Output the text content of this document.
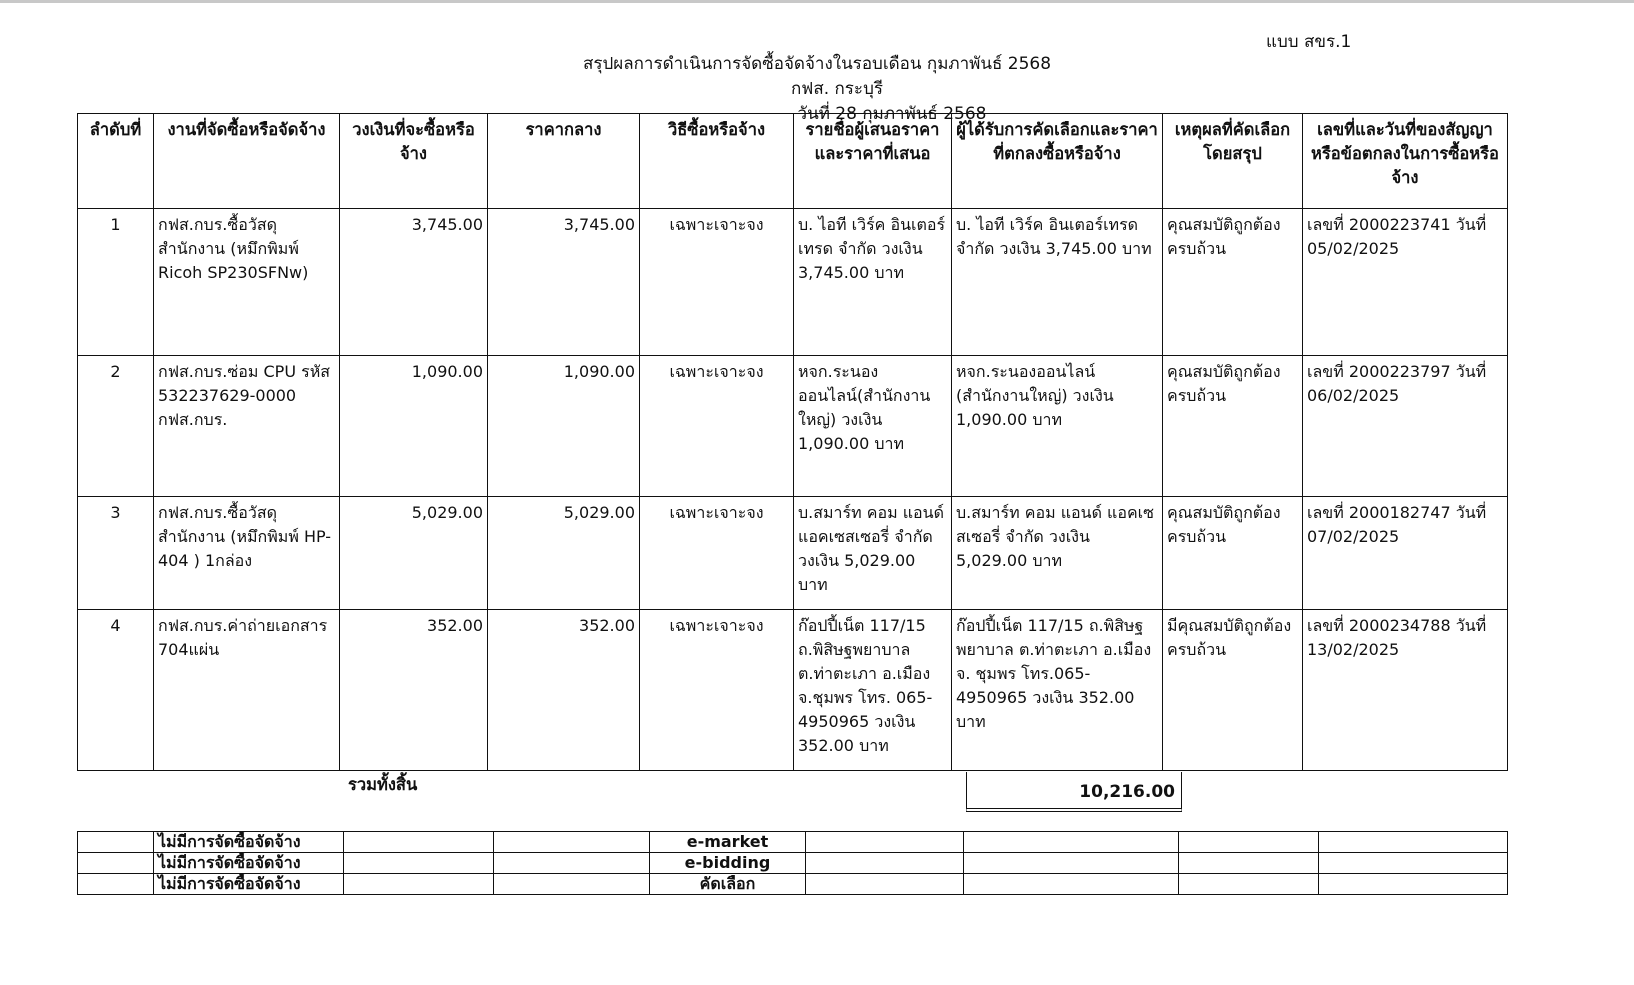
แบบ สขร.1
สรุปผลการดำเนินการจัดซื้อจัดจ้างในรอบเดือน กุมภาพันธ์ 2568
กฟส. กระบุรี
วันที่ 28 กุมภาพันธ์ 2568
ลำดับที่	งานที่จัดซื้อหรือจัดจ้าง	วงเงินที่จะซื้อหรือจ้าง	ราคากลาง	วิธีซื้อหรือจ้าง	รายชื่อผู้เสนอราคาและราคาที่เสนอ	ผู้ได้รับการคัดเลือกและราคาที่ตกลงซื้อหรือจ้าง	เหตุผลที่คัดเลือกโดยสรุป	เลขที่และวันที่ของสัญญาหรือข้อตกลงในการซื้อหรือจ้าง
1	กฟส.กบร.ซื้อวัสดุสำนักงาน (หมึกพิมพ์ Ricoh SP230SFNw)	3,745.00	3,745.00	เฉพาะเจาะจง	บ. ไอที เวิร์ค อินเตอร์เทรด จำกัด วงเงิน 3,745.00 บาท	บ. ไอที เวิร์ค อินเตอร์เทรด จำกัด วงเงิน 3,745.00 บาท	คุณสมบัติถูกต้องครบถ้วน	เลขที่ 2000223741 วันที่ 05/02/2025
2	กฟส.กบร.ซ่อม CPU รหัส 532237629-0000 กฟส.กบร.	1,090.00	1,090.00	เฉพาะเจาะจง	หจก.ระนองออนไลน์(สำนักงานใหญ่) วงเงิน 1,090.00 บาท	หจก.ระนองออนไลน์ (สำนักงานใหญ่) วงเงิน 1,090.00 บาท	คุณสมบัติถูกต้องครบถ้วน	เลขที่ 2000223797 วันที่ 06/02/2025
3	กฟส.กบร.ซื้อวัสดุสำนักงาน (หมึกพิมพ์ HP-404 ) 1กล่อง	5,029.00	5,029.00	เฉพาะเจาะจง	บ.สมาร์ท คอม แอนด์ แอคเซสเซอรี่ จำกัด วงเงิน 5,029.00 บาท	บ.สมาร์ท คอม แอนด์ แอคเซสเซอรี่ จำกัด วงเงิน 5,029.00 บาท	คุณสมบัติถูกต้องครบถ้วน	เลขที่ 2000182747 วันที่ 07/02/2025
4	กฟส.กบร.ค่าถ่ายเอกสาร 704แผ่น	352.00	352.00	เฉพาะเจาะจง	ก๊อปปี้เน็ต 117/15 ถ.พิสิษฐพยาบาล ต.ท่าตะเภา อ.เมือง จ.ชุมพร โทร. 065-4950965 วงเงิน 352.00 บาท	ก๊อปปี้เน็ต 117/15 ถ.พิสิษฐพยาบาล ต.ท่าตะเภา อ.เมือง จ. ชุมพร โทร.065-4950965 วงเงิน 352.00 บาท	มีคุณสมบัติถูกต้องครบถ้วน	เลขที่ 2000234788 วันที่ 13/02/2025
รวมทั้งสิ้น	10,216.00
	ไม่มีการจัดซื้อจัดจ้าง			e-market				
	ไม่มีการจัดซื้อจัดจ้าง			e-bidding				
	ไม่มีการจัดซื้อจัดจ้าง			คัดเลือก				
